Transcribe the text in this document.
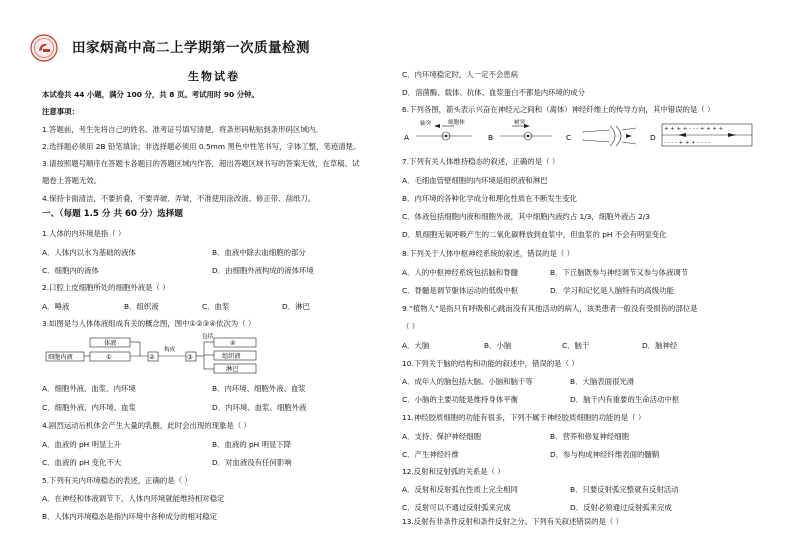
田家炳高中高二上学期第一次质量检测
生物试卷
本试卷共 44 小题，满分 100 分，共 8 页。考试用时 90 分钟。
注意事项：
1.答题前，考生先将自己的姓名、准考证号填写清楚，将条形码粘贴到条形码区域内。
2.选择题必须用 2B 铅笔填涂；非选择题必须用 0.5mm 黑色中性笔书写，字体工整，笔迹清楚。
3.请按照题号顺序在答题卡各题目的答题区域内作答，超出答题区域书写的答案无效，在草稿、试
题卷上答题无效。
4.保持卡面清洁，不要折叠，不要弄破、弄皱，不准使用涂改液、修正带、刮纸刀。
一、（每题 1.5 分 共 60 分）选择题
1.人体的内环境是指（ ）
A．人体内以水为基础的液体	B．血液中除去血细胞的部分
C．细胞内的液体	D．由细胞外液构成的液体环境
2.口腔上皮细胞所处的细胞外液是（ ）
A．唾液	B．组织液	C．血浆	D．淋巴
3.如图是与人体体液组成有关的概念图，图中①②③④依次为（ ）
细胞内液
体液
①	②	③
④
组织液
淋巴
构成
包括
A．细胞外液、血浆、内环境	B．内环境、细胞外液、血浆
C．细胞外液、内环境、血浆	D．内环境、血浆、细胞外液
4.剧烈运动后机体会产生大量的乳酸，此时会出现的现象是（ ）
A．血液的 pH 明显上升	B．血液的 pH 明显下降
C．血液的 pH 变化不大	D．对血液没有任何影响
5.下列有关内环境稳态的表述，正确的是（ ）
A．在神经和体液调节下，人体内环境就能维持相对稳定
B．人体内环境稳态是指内环境中各种成分的相对稳定
C．内环境稳定时，人一定不会患病
D．溶菌酶、载体、抗体、血浆蛋白不都是内环境的成分
6.下列各图，箭头表示兴奋在神经元之间和（离体）神经纤维上的传导方向，其中错误的是（ ）
A
轴突	细胞体
B
树突
C	D
+ + + + - - - + + + +
- - - - + + + - - - -
7.下列有关人体维持稳态的叙述，正确的是（ ）
A．毛细血管壁细胞的内环境是组织液和淋巴
B．内环境的各种化学成分和理化性质在不断发生变化
C．体液包括细胞内液和细胞外液，其中细胞内液约占 1/3，细胞外液占 2/3
D．肌细胞无氧呼吸产生的二氧化碳释放到血浆中，但血浆的 pH 不会有明显变化
8.下列关于人体中枢神经系统的叙述，错误的是（ ）
A．人的中枢神经系统包括脑和脊髓	B．下丘脑既参与神经调节又参与体液调节
C．脊髓是调节躯体运动的低级中枢	D．学习和记忆是人脑特有的高级功能
9.“植物人”是指只有呼吸和心跳而没有其他活动的病人，该类患者一般没有受损伤的部位是
（ ）
A．大脑	B．小脑	C．脑干	D．脑神经
10.下列关于脑的结构和功能的叙述中，错误的是（ ）
A．成年人的脑包括大脑、小脑和脑干等	B．大脑表面很光滑
C．小脑的主要功能是维持身体平衡	D．脑干内有重要的生命活动中枢
11.神经胶质细胞的功能有很多，下列不属于神经胶质细胞的功能的是（ ）
A．支持、保护神经细胞	B．营养和修复神经细胞
C．产生神经纤维	D．参与构成神经纤维表面的髓鞘
12.反射和反射弧的关系是（ ）
A．反射和反射弧在性质上完全相同	B．只要反射弧完整就有反射活动
C．反射可以不通过反射弧来完成	D．反射必须通过反射弧来完成
13.反射有非条件反射和条件反射之分。下列有关叙述错误的是（ ）
